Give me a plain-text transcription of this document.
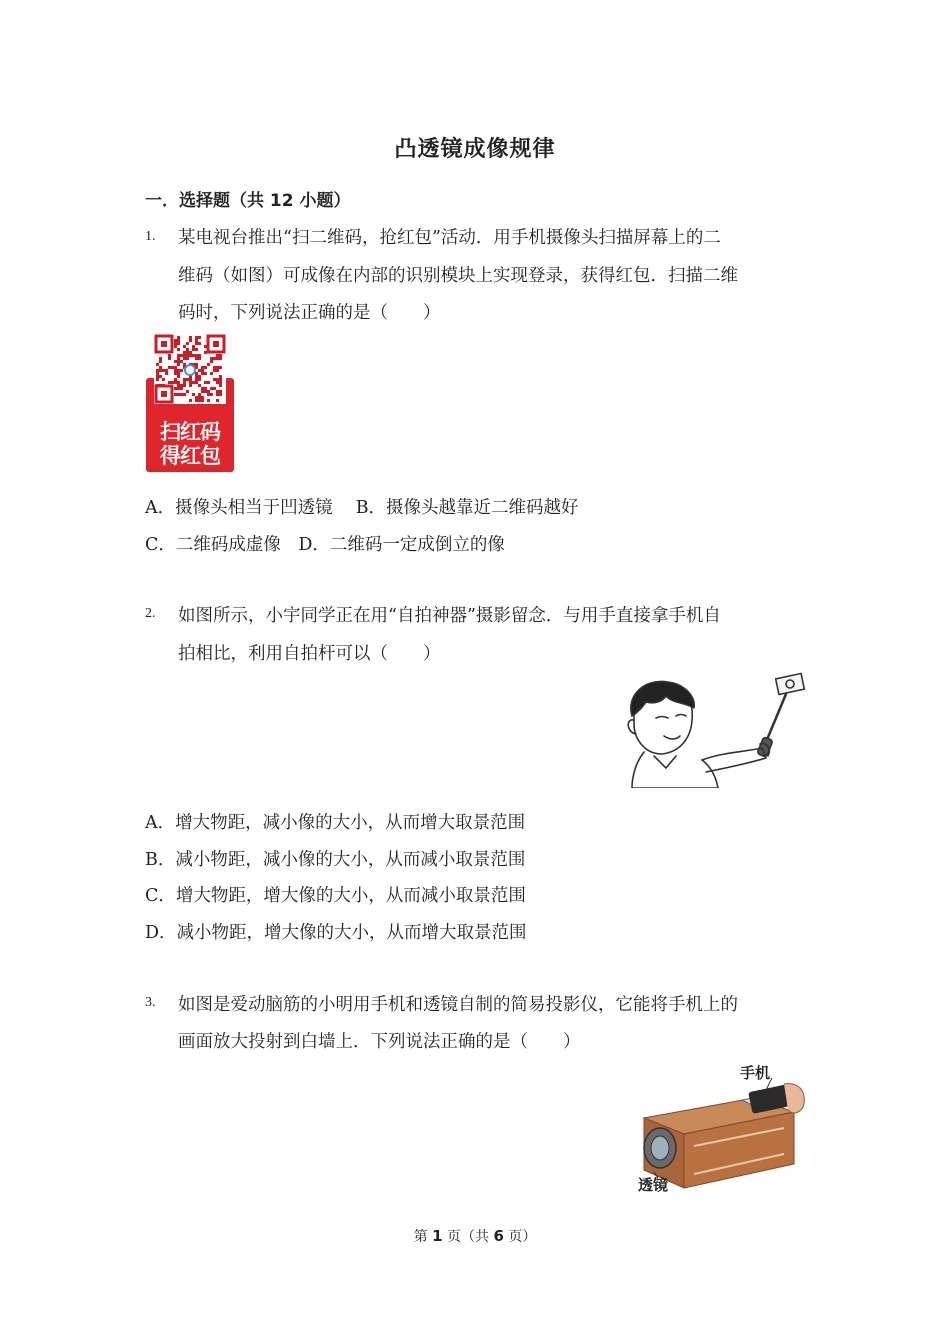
凸透镜成像规律
一．选择题（共 12 小题）
1. 某电视台推出“扫二维码，抢红包”活动．用手机摄像头扫描屏幕上的二
维码（如图）可成像在内部的识别模块上实现登录，获得红包．扫描二维
码时，下列说法正确的是（　　）
扫红码
得红包
A．摄像头相当于凹透镜　 B．摄像头越靠近二维码越好
C．二维码成虚像　D．二维码一定成倒立的像
2. 如图所示，小宇同学正在用“自拍神器”摄影留念．与用手直接拿手机自
拍相比，利用自拍杆可以（　　）
A．增大物距，减小像的大小，从而增大取景范围
B．减小物距，减小像的大小，从而减小取景范围
C．增大物距，增大像的大小，从而减小取景范围
D．减小物距，增大像的大小，从而增大取景范围
3. 如图是爱动脑筋的小明用手机和透镜自制的简易投影仪，它能将手机上的
画面放大投射到白墙上．下列说法正确的是（　　）
手机
透镜
第 1 页（共 6 页）
